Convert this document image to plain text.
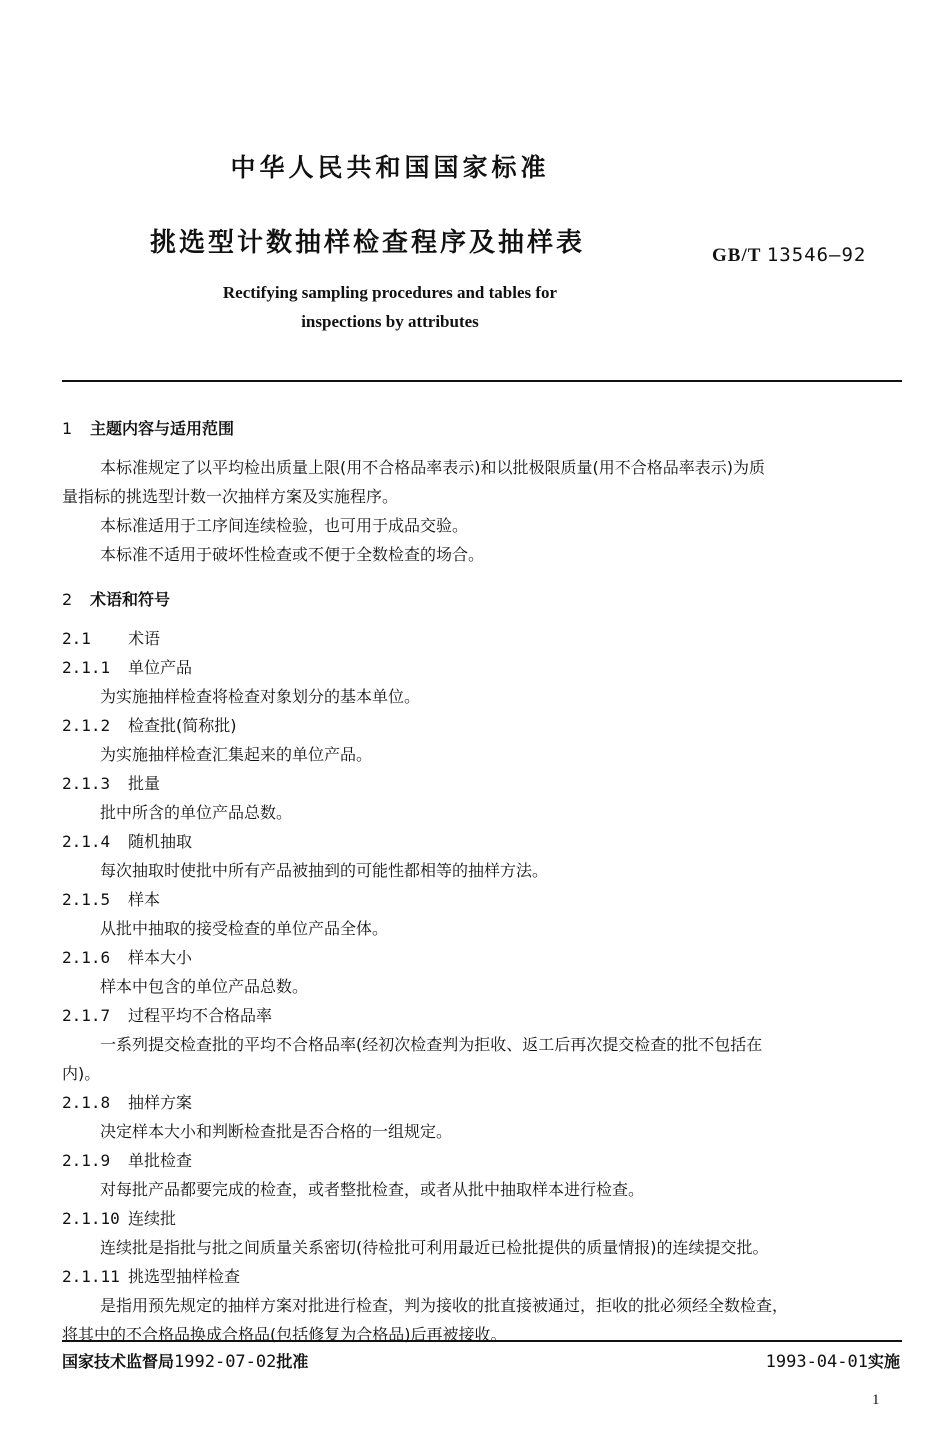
中华人民共和国国家标准
挑选型计数抽样检查程序及抽样表	GB/T 13546—92
Rectifying sampling procedures and tables for
inspections by attributes
1 主题内容与适用范围
本标准规定了以平均检出质量上限(用不合格品率表示)和以批极限质量(用不合格品率表示)为质
量指标的挑选型计数一次抽样方案及实施程序。
本标准适用于工序间连续检验，也可用于成品交验。
本标准不适用于破坏性检查或不便于全数检查的场合。
2 术语和符号
2.1 术语
2.1.1 单位产品
为实施抽样检查将检查对象划分的基本单位。
2.1.2 检查批(简称批)
为实施抽样检查汇集起来的单位产品。
2.1.3 批量
批中所含的单位产品总数。
2.1.4 随机抽取
每次抽取时使批中所有产品被抽到的可能性都相等的抽样方法。
2.1.5 样本
从批中抽取的接受检查的单位产品全体。
2.1.6 样本大小
样本中包含的单位产品总数。
2.1.7 过程平均不合格品率
一系列提交检查批的平均不合格品率(经初次检查判为拒收、返工后再次提交检查的批不包括在
内)。
2.1.8 抽样方案
决定样本大小和判断检查批是否合格的一组规定。
2.1.9 单批检查
对每批产品都要完成的检查，或者整批检查，或者从批中抽取样本进行检查。
2.1.10 连续批
连续批是指批与批之间质量关系密切(待检批可利用最近已检批提供的质量情报)的连续提交批。
2.1.11 挑选型抽样检查
是指用预先规定的抽样方案对批进行检查，判为接收的批直接被通过，拒收的批必须经全数检查，
将其中的不合格品换成合格品(包括修复为合格品)后再被接收。
国家技术监督局1992-07-02批准	1993-04-01实施
1
